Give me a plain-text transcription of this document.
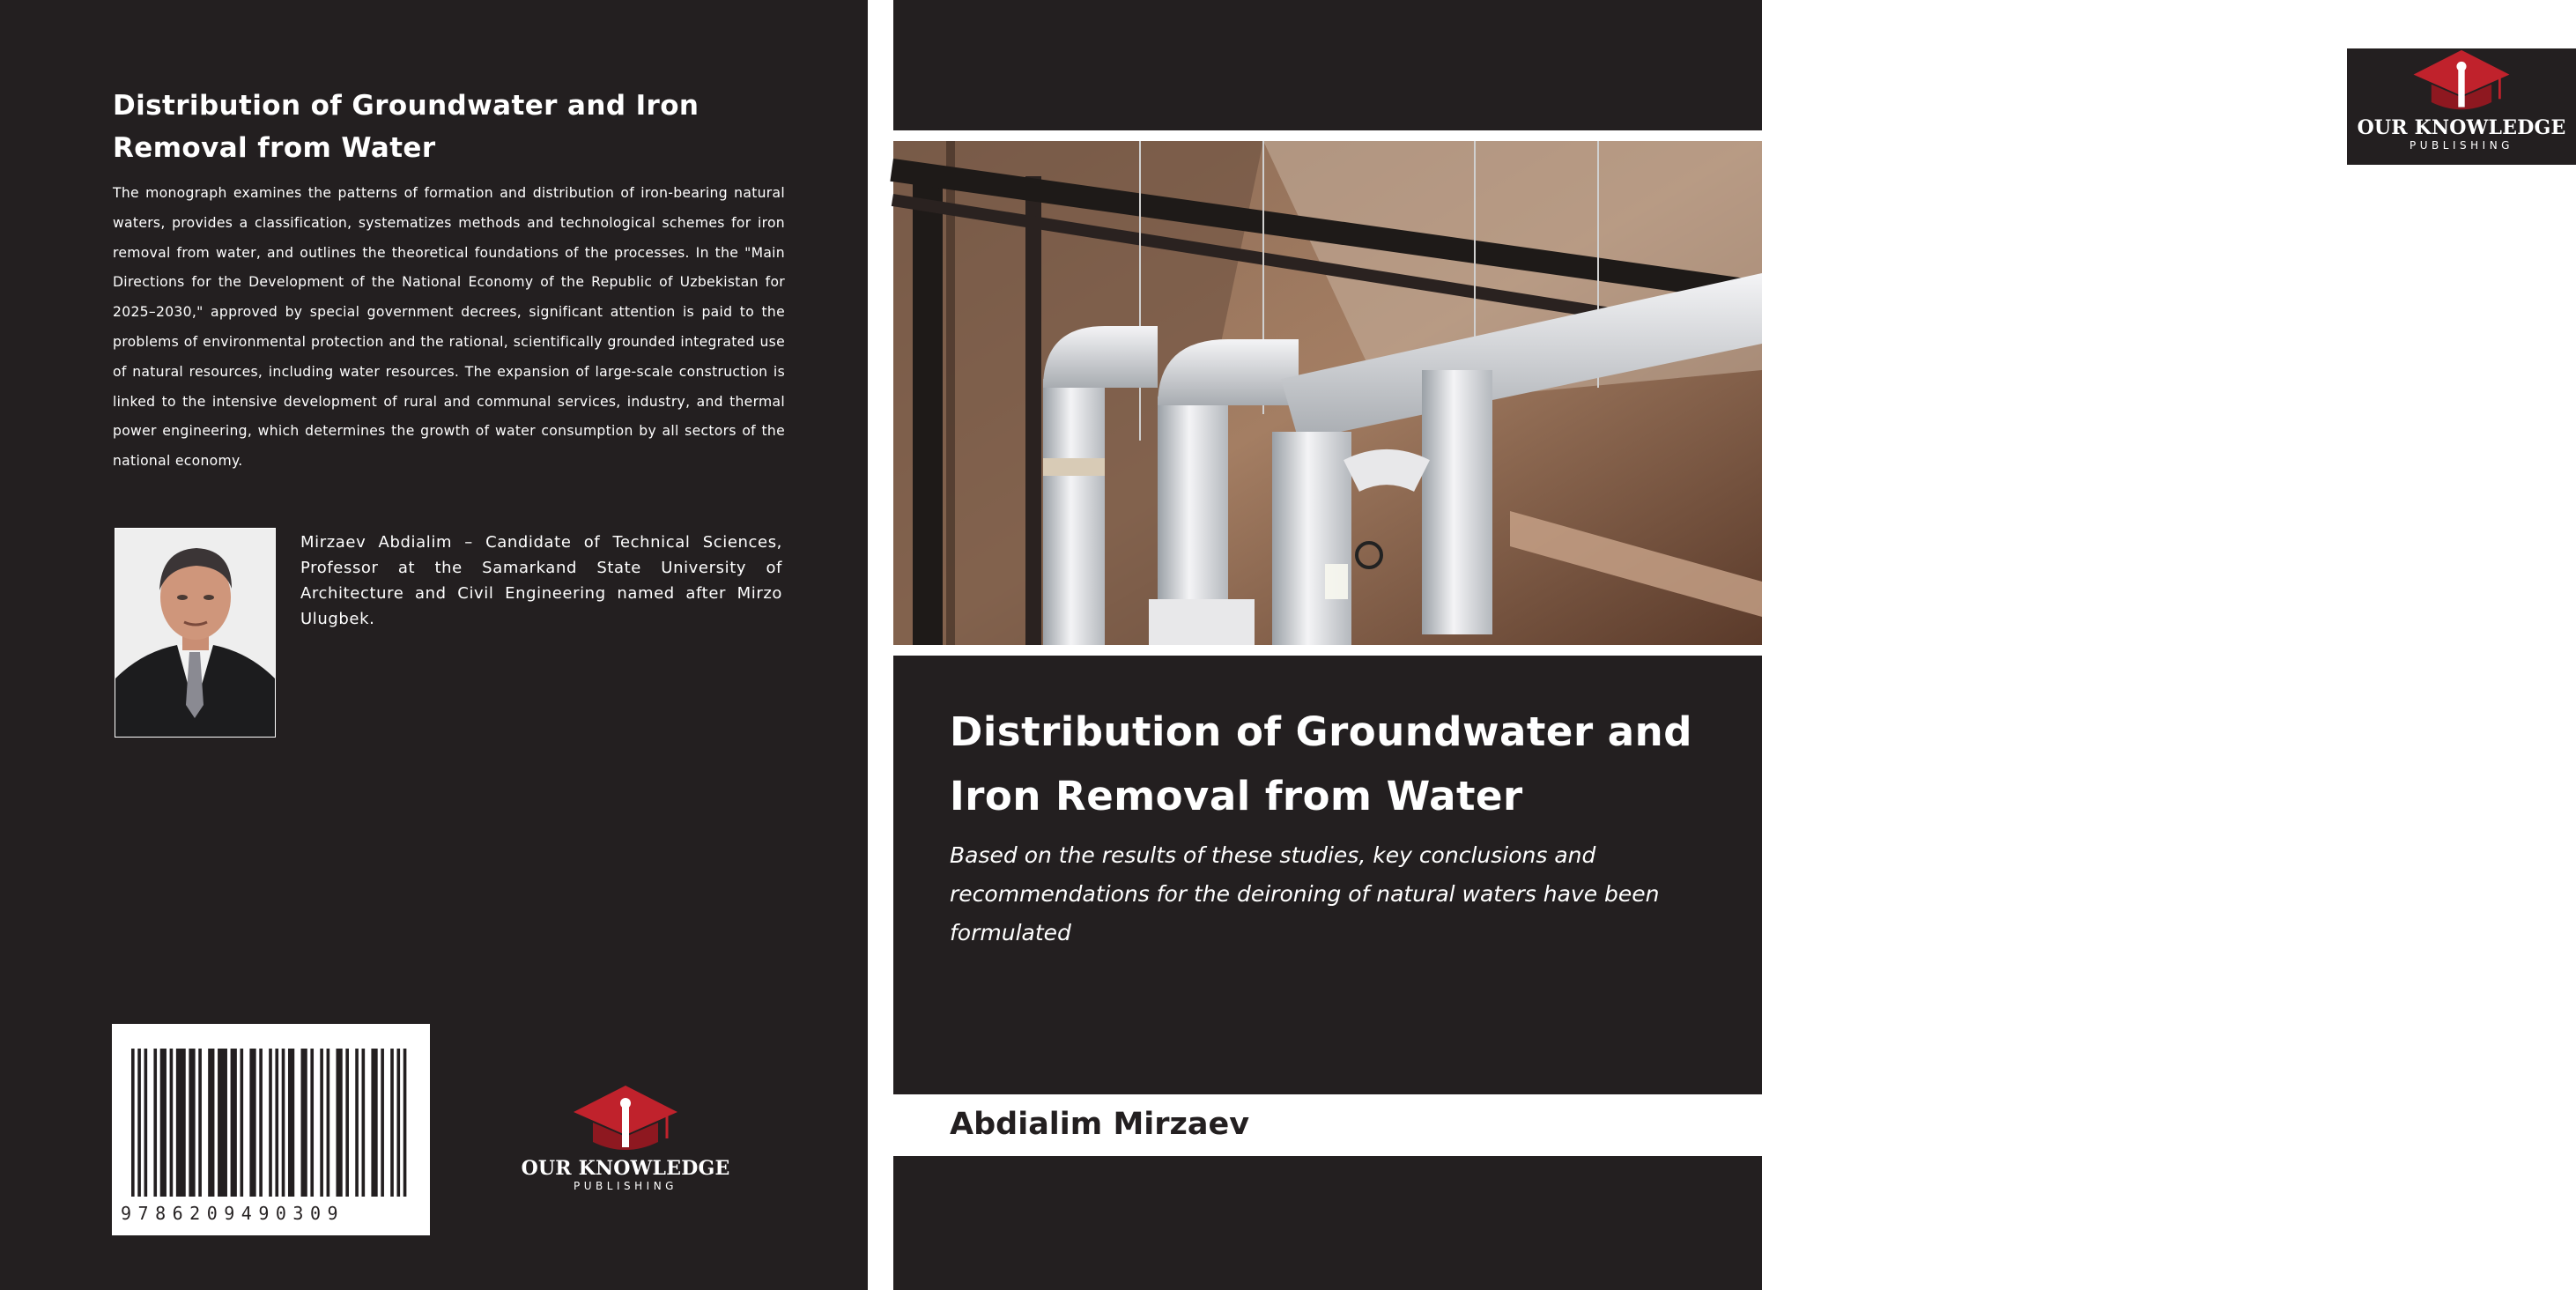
Distribution of Groundwater and Iron Removal from Water

The monograph examines the patterns of formation and distribution of iron-bearing natural waters, provides a classification, systematizes methods and technological schemes for iron removal from water, and outlines the theoretical foundations of the processes. In the "Main Directions for the Development of the National Economy of the Republic of Uzbekistan for 2025–2030," approved by special government decrees, significant attention is paid to the problems of environmental protection and the rational, scientifically grounded integrated use of natural resources, including water resources. The expansion of large-scale construction is linked to the intensive development of rural and communal services, industry, and thermal power engineering, which determines the growth of water consumption by all sectors of the national economy.

Mirzaev Abdialim – Candidate of Technical Sciences, Professor at the Samarkand State University of Architecture and Civil Engineering named after Mirzo Ulugbek.

9786209490309
OUR KNOWLEDGE
PUBLISHING
OUR KNOWLEDGE
PUBLISHING
Distribution of Groundwater and Iron Removal from Water
Based on the results of these studies, key conclusions and recommendations for the deironing of natural waters have been formulated
Abdialim Mirzaev
